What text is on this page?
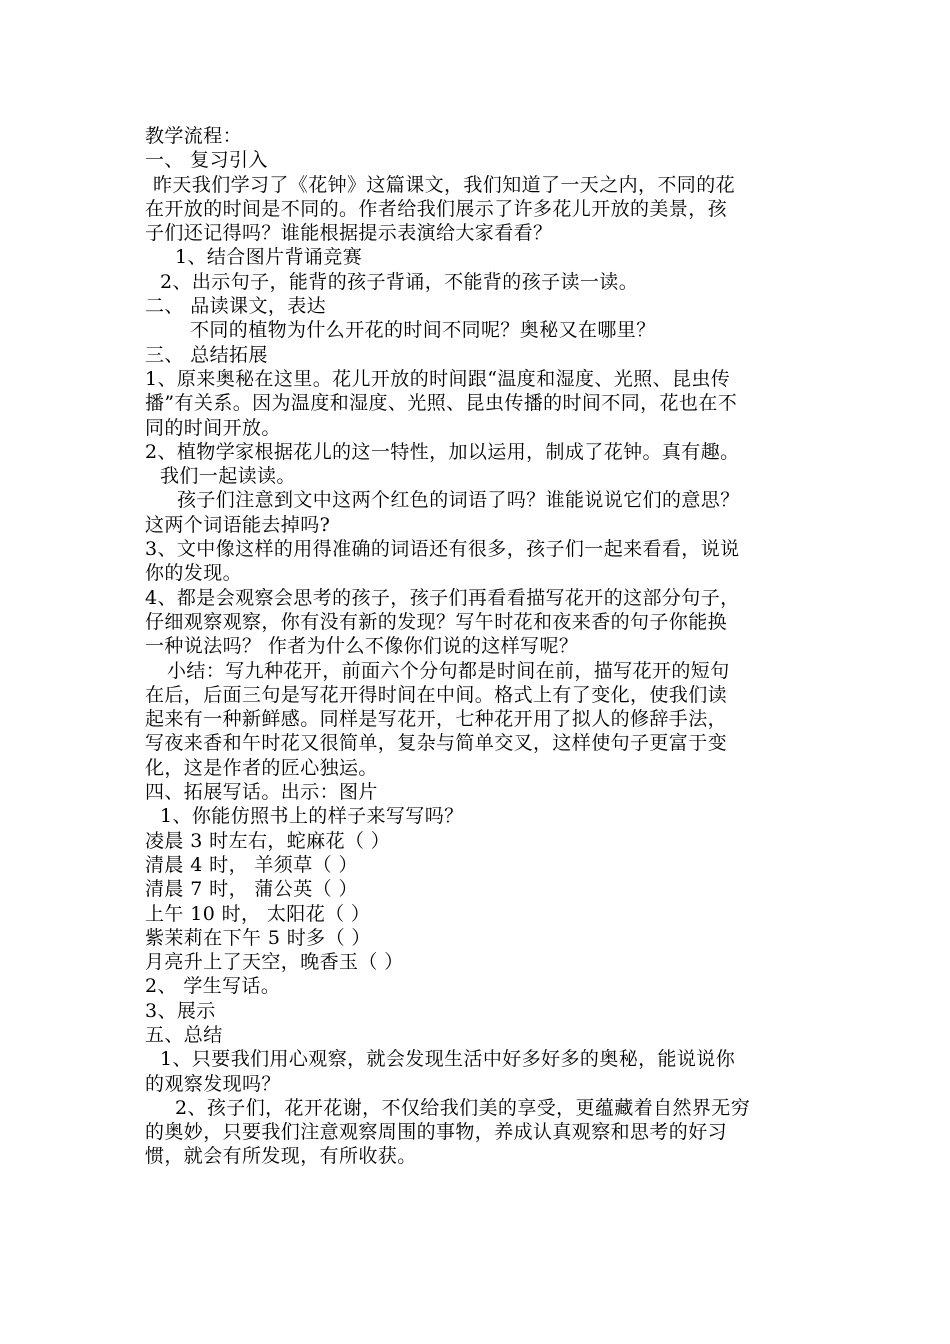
教学流程：
一、 复习引入
昨天我们学习了《花钟》这篇课文，我们知道了一天之内，不同的花
在开放的时间是不同的。作者给我们展示了许多花儿开放的美景，孩
子们还记得吗？谁能根据提示表演给大家看看？
1、结合图片背诵竞赛
2、出示句子，能背的孩子背诵，不能背的孩子读一读。
二、 品读课文，表达
不同的植物为什么开花的时间不同呢？奥秘又在哪里？
三、 总结拓展
1、原来奥秘在这里。花儿开放的时间跟“温度和湿度、光照、昆虫传
播”有关系。因为温度和湿度、光照、昆虫传播的时间不同，花也在不
同的时间开放。
2、植物学家根据花儿的这一特性，加以运用，制成了花钟。真有趣。
我们一起读读。
孩子们注意到文中这两个红色的词语了吗？谁能说说它们的意思？
这两个词语能去掉吗?
3、文中像这样的用得准确的词语还有很多，孩子们一起来看看，说说
你的发现。
4、都是会观察会思考的孩子，孩子们再看看描写花开的这部分句子，
仔细观察观察，你有没有新的发现？写午时花和夜来香的句子你能换
一种说法吗？ 作者为什么不像你们说的这样写呢？
小结：写九种花开，前面六个分句都是时间在前，描写花开的短句
在后，后面三句是写花开得时间在中间。格式上有了变化，使我们读
起来有一种新鲜感。同样是写花开，七种花开用了拟人的修辞手法，
写夜来香和午时花又很简单，复杂与简单交叉，这样使句子更富于变
化，这是作者的匠心独运。
四、拓展写话。出示：图片
1、你能仿照书上的样子来写写吗？
凌晨 3 时左右，蛇麻花（ ）
清晨 4 时， 羊须草（ ）
清晨 7 时， 蒲公英（ ）
上午 10 时， 太阳花（ ）
紫茉莉在下午 5 时多（ ）
月亮升上了天空，晚香玉（ ）
2、 学生写话。
3、展示
五、总结
1、只要我们用心观察，就会发现生活中好多好多的奥秘，能说说你
的观察发现吗？
2、孩子们，花开花谢，不仅给我们美的享受，更蕴藏着自然界无穷
的奥妙，只要我们注意观察周围的事物，养成认真观察和思考的好习
惯，就会有所发现，有所收获。
